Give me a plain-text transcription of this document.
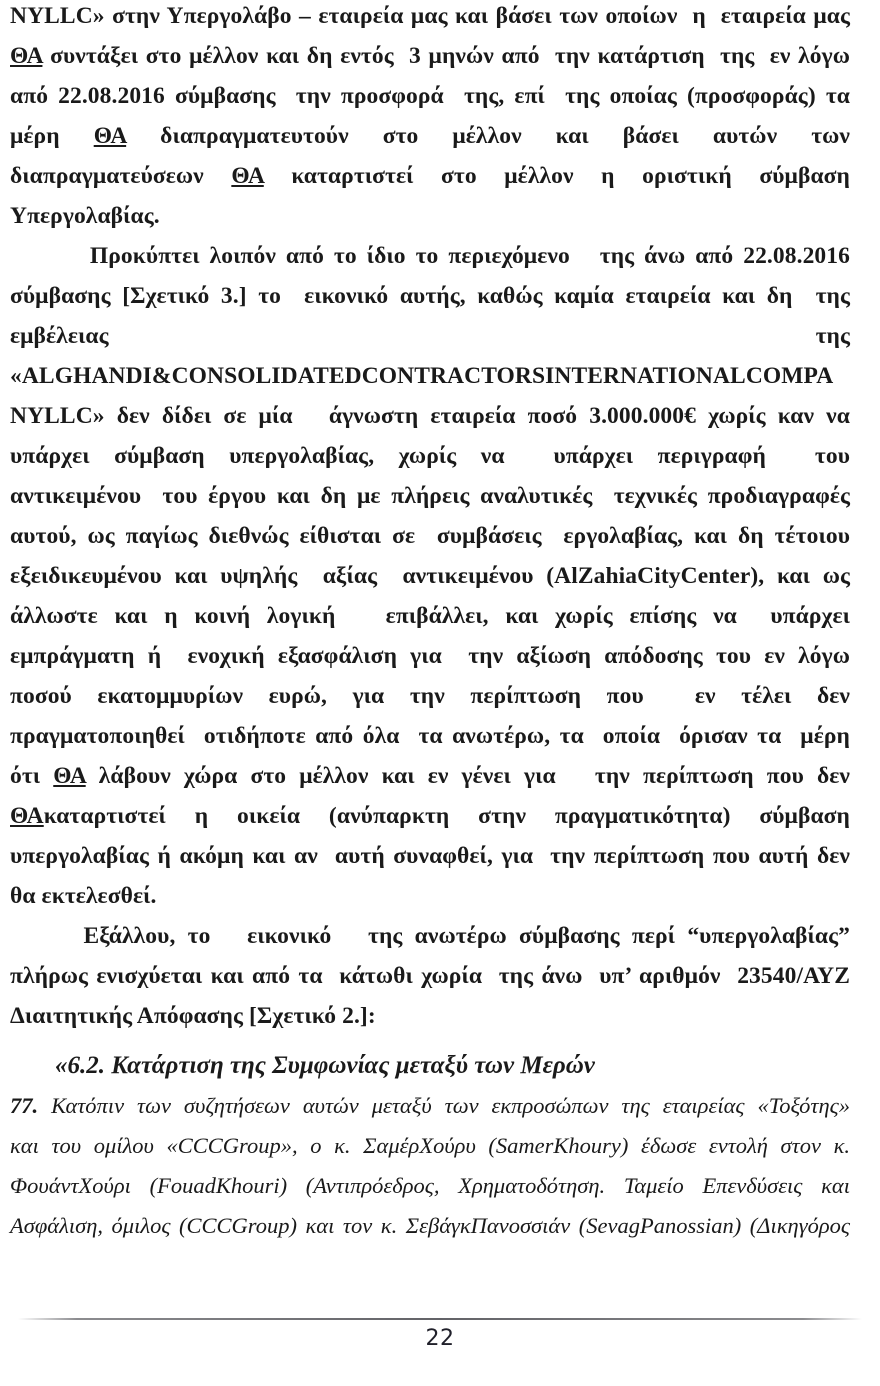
NYLLC» στην Υπεργολάβο – εταιρεία μας και βάσει των οποίων  η  εταιρεία μας
ΘΑ συντάξει στο μέλλον και δη εντός  3 μηνών από  την κατάρτιση  της  εν λόγω
από 22.08.2016 σύμβασης  την προσφορά  της, επί  της οποίας (προσφοράς) τα
μέρη ΘΑ διαπραγματευτούν στο μέλλον και βάσει αυτών των
διαπραγματεύσεων ΘΑ καταρτιστεί στο μέλλον η οριστική σύμβαση
Υπεργολαβίας.
Προκύπτει λοιπόν από το ίδιο το περιεχόμενο   της άνω από 22.08.2016
σύμβασης [Σχετικό 3.] το  εικονικό αυτής, καθώς καμία εταιρεία και δη  της
εμβέλειας της
«ALGHANDI&CONSOLIDATEDCONTRACTORSINTERNATIONALCOMPA
NYLLC» δεν δίδει σε μία   άγνωστη εταιρεία ποσό 3.000.000€ χωρίς καν να
υπάρχει σύμβαση υπεργολαβίας, χωρίς να  υπάρχει περιγραφή  του
αντικειμένου  του έργου και δη με πλήρεις αναλυτικές  τεχνικές προδιαγραφές
αυτού, ως παγίως διεθνώς είθισται σε  συμβάσεις  εργολαβίας, και δη τέτοιου
εξειδικευμένου και υψηλής  αξίας  αντικειμένου (AlZahiaCityCenter), και ως
άλλωστε και η κοινή λογική   επιβάλλει, και χωρίς επίσης να  υπάρχει
εμπράγματη ή  ενοχική εξασφάλιση για  την αξίωση απόδοσης του εν λόγω
ποσού εκατομμυρίων ευρώ, για την περίπτωση που  εν τέλει δεν
πραγματοποιηθεί  οτιδήποτε από όλα  τα ανωτέρω, τα  οποία  όρισαν τα  μέρη
ότι ΘΑ λάβουν χώρα στο μέλλον και εν γένει για   την περίπτωση που δεν
ΘΑκαταρτιστεί η οικεία (ανύπαρκτη στην πραγματικότητα) σύμβαση
υπεργολαβίας ή ακόμη και αν  αυτή συναφθεί, για  την περίπτωση που αυτή δεν
θα εκτελεσθεί.
Εξάλλου, το   εικονικό   της ανωτέρω σύμβασης περί “υπεργολαβίας”
πλήρως ενισχύεται και από τα  κάτωθι χωρία  της άνω  υπ’ αριθμόν  23540/ΑΥΖ
Διαιτητικής Απόφασης [Σχετικό 2.]:
«6.2. Κατάρτιση της Συμφωνίας μεταξύ των Μερών
77. Κατόπιν των συζητήσεων αυτών μεταξύ των εκπροσώπων της εταιρείας «Τοξότης»
και του ομίλου «CCCGroup», ο κ. ΣαμέρΧούρυ (SamerKhoury) έδωσε εντολή στον κ.
ΦουάντΧούρι (FouadKhouri) (Αντιπρόεδρος, Χρηματοδότηση. Ταμείο Επενδύσεις και
Ασφάλιση, όμιλος (CCCGroup) και τον κ. ΣεβάγκΠανοσσιάν (SevagPanossian) (Δικηγόρος
22
